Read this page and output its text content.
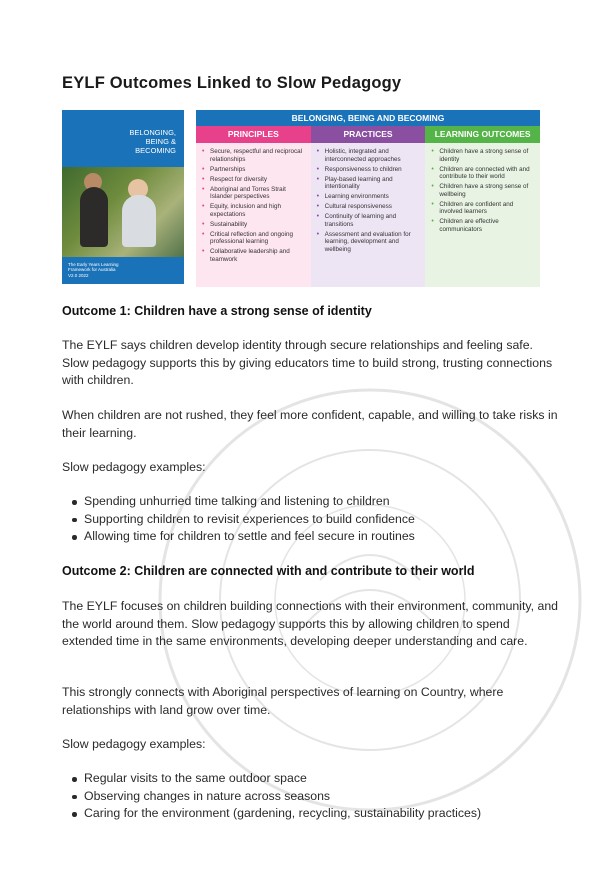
EYLF Outcomes Linked to Slow Pedagogy
BELONGING,
BEING &
BECOMING
The Early Years Learning
Framework for Australia
V2.0 2022
BELONGING, BEING AND BECOMING
PRINCIPLES
• Secure, respectful and reciprocal relationships
• Partnerships
• Respect for diversity
• Aboriginal and Torres Strait Islander perspectives
• Equity, inclusion and high expectations
• Sustainability
• Critical reflection and ongoing professional learning
• Collaborative leadership and teamwork
PRACTICES
• Holistic, integrated and interconnected approaches
• Responsiveness to children
• Play-based learning and intentionality
• Learning environments
• Cultural responsiveness
• Continuity of learning and transitions
• Assessment and evaluation for learning, development and wellbeing
LEARNING OUTCOMES
• Children have a strong sense of identity
• Children are connected with and contribute to their world
• Children have a strong sense of wellbeing
• Children are confident and involved learners
• Children are effective communicators
Outcome 1: Children have a strong sense of identity

The EYLF says children develop identity through secure relationships and feeling safe. Slow pedagogy supports this by giving educators time to build strong, trusting connections with children.

When children are not rushed, they feel more confident, capable, and willing to take risks in their learning.

Slow pedagogy examples:

Spending unhurried time talking and listening to children
Supporting children to revisit experiences to build confidence
Allowing time for children to settle and feel secure in routines
Outcome 2: Children are connected with and contribute to their world

The EYLF focuses on children building connections with their environment, community, and the world around them. Slow pedagogy supports this by allowing children to spend extended time in the same environments, developing deeper understanding and care.

This strongly connects with Aboriginal perspectives of learning on Country, where relationships with land grow over time.

Slow pedagogy examples:

Regular visits to the same outdoor space
Observing changes in nature across seasons
Caring for the environment (gardening, recycling, sustainability practices)
